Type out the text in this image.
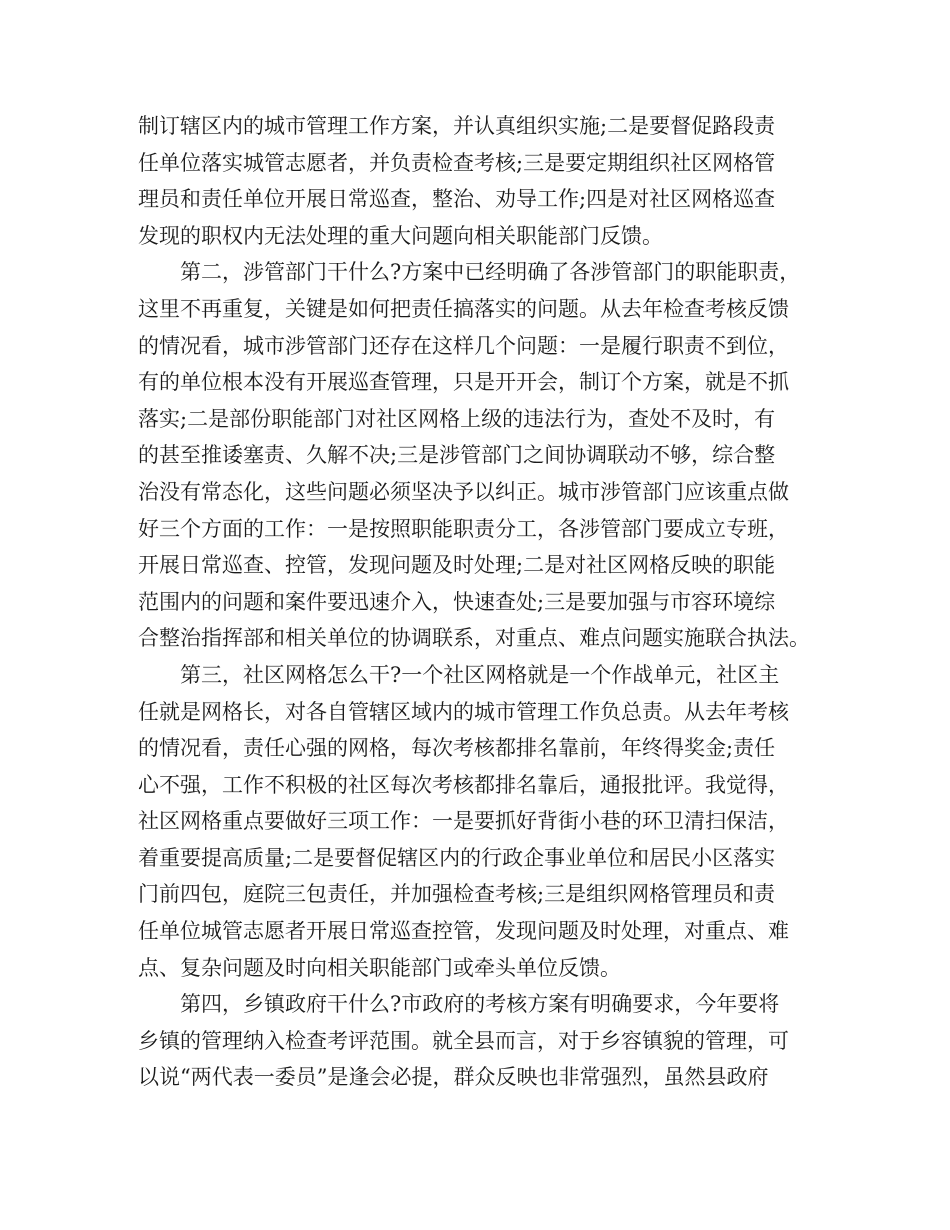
制订辖区内的城市管理工作方案，并认真组织实施;二是要督促路段责
任单位落实城管志愿者，并负责检查考核;三是要定期组织社区网格管
理员和责任单位开展日常巡查，整治、劝导工作;四是对社区网格巡查
发现的职权内无法处理的重大问题向相关职能部门反馈。
第二，涉管部门干什么?方案中已经明确了各涉管部门的职能职责，
这里不再重复，关键是如何把责任搞落实的问题。从去年检查考核反馈
的情况看，城市涉管部门还存在这样几个问题：一是履行职责不到位，
有的单位根本没有开展巡查管理，只是开开会，制订个方案，就是不抓
落实;二是部份职能部门对社区网格上级的违法行为，查处不及时，有
的甚至推诿塞责、久解不决;三是涉管部门之间协调联动不够，综合整
治没有常态化，这些问题必须坚决予以纠正。城市涉管部门应该重点做
好三个方面的工作：一是按照职能职责分工，各涉管部门要成立专班，
开展日常巡查、控管，发现问题及时处理;二是对社区网格反映的职能
范围内的问题和案件要迅速介入，快速查处;三是要加强与市容环境综
合整治指挥部和相关单位的协调联系，对重点、难点问题实施联合执法。
第三，社区网格怎么干?一个社区网格就是一个作战单元，社区主
任就是网格长，对各自管辖区域内的城市管理工作负总责。从去年考核
的情况看，责任心强的网格，每次考核都排名靠前，年终得奖金;责任
心不强，工作不积极的社区每次考核都排名靠后，通报批评。我觉得，
社区网格重点要做好三项工作：一是要抓好背街小巷的环卫清扫保洁，
着重要提高质量;二是要督促辖区内的行政企事业单位和居民小区落实
门前四包，庭院三包责任，并加强检查考核;三是组织网格管理员和责
任单位城管志愿者开展日常巡查控管，发现问题及时处理，对重点、难
点、复杂问题及时向相关职能部门或牵头单位反馈。
第四，乡镇政府干什么?市政府的考核方案有明确要求，今年要将
乡镇的管理纳入检查考评范围。就全县而言，对于乡容镇貌的管理，可
以说“两代表一委员”是逢会必提，群众反映也非常强烈，虽然县政府
